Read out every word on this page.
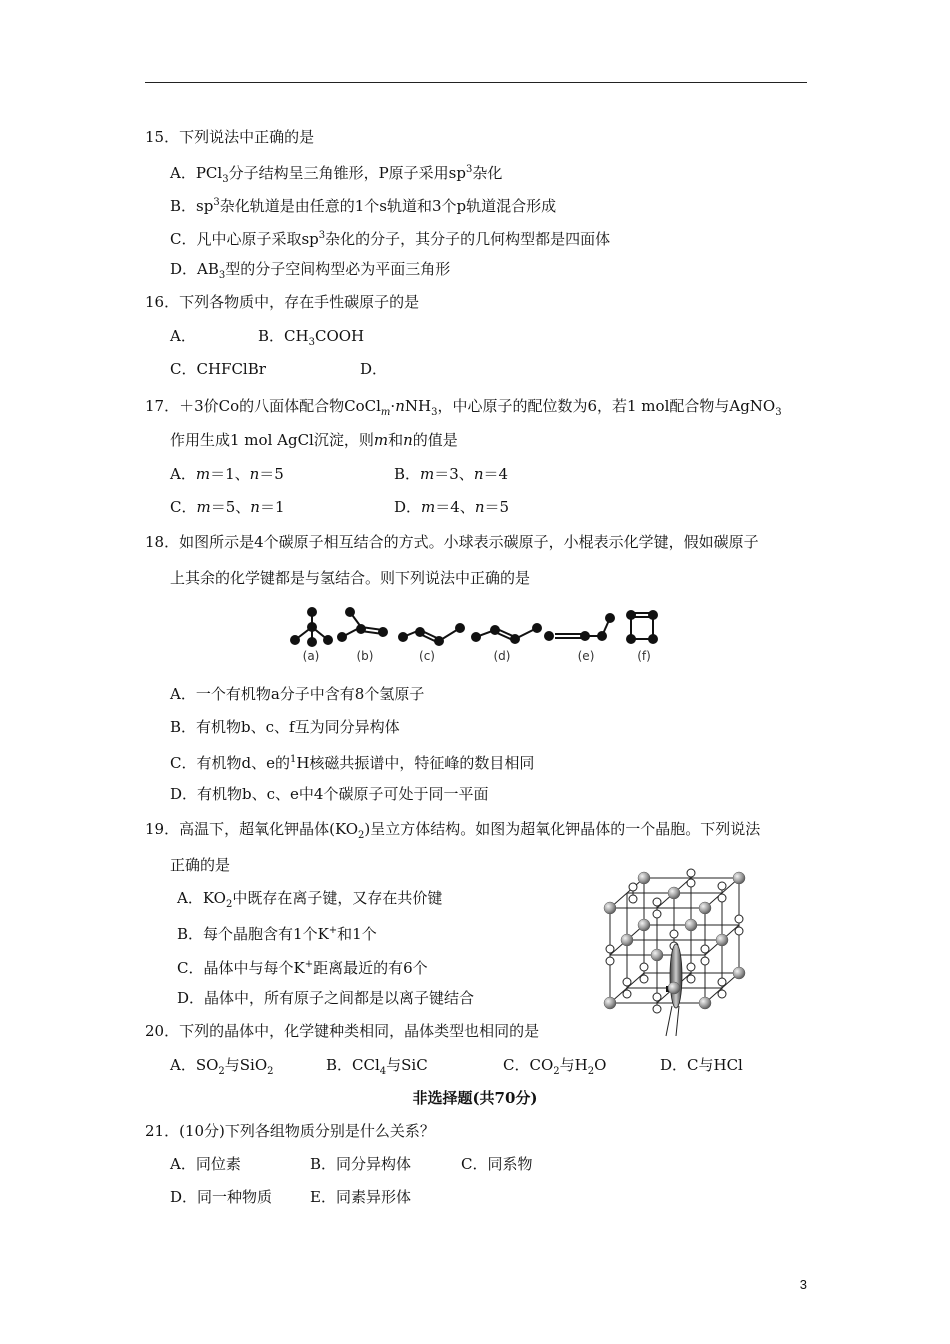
15．下列说法中正确的是
A．PCl$_3$分子结构呈三角锥形，P原子采用$sp^3$杂化
B．$sp^3$杂化轨道是由任意的1个s轨道和3个p轨道混合形成
C．凡中心原子采取$sp^3$杂化的分子，其分子的几何构型都是四面体
D．$AB_3$型的分子空间构型必为平面三角形
16．下列各物质中，存在手性碳原子的是
A．	B．$CH_3COOH$
C．CHFClBr	D．
17．＋3价Co的八面体配合物CoCl$_m$·nNH$_3$，中心原子的配位数为6，若1 mol配合物与AgNO$_3$
作用生成1 mol AgCl沉淀，则m和n的值是
A．m＝1、n＝5	B．m＝3、n＝4
C．m＝5、n＝1	D．m＝4、n＝5
18．如图所示是4个碳原子相互结合的方式。小球表示碳原子，小棍表示化学键，假如碳原子
上其余的化学键都是与氢结合。则下列说法中正确的是
(a)	(b)	(c)	(d)	(e)	(f)
A．一个有机物a分子中含有8个氢原子
B．有机物b、c、f互为同分异构体
C．有机物d、e的$^1$H核磁共振谱中，特征峰的数目相同
D．有机物b、c、e中4个碳原子可处于同一平面
19．高温下，超氧化钾晶体$(KO_2)$呈立方体结构。如图为超氧化钾晶体的一个晶胞。下列说法
正确的是
A．$KO_2$中既存在离子键，又存在共价键
B．每个晶胞含有1个K+和1个
C．晶体中与每个K+距离最近的有6个
D．晶体中，所有原子之间都是以离子键结合
20．下列的晶体中，化学键种类相同，晶体类型也相同的是
A．$SO_2$与SiO$_2$	B．CCl$_4$与SiC	C．$CO_2$与$H_2O$	D．C与HCl
非选择题(共70分)
21．(10分)下列各组物质分别是什么关系？
A．同位素	B．同分异构体	C．同系物
D．同一种物质	E．同素异形体
3
